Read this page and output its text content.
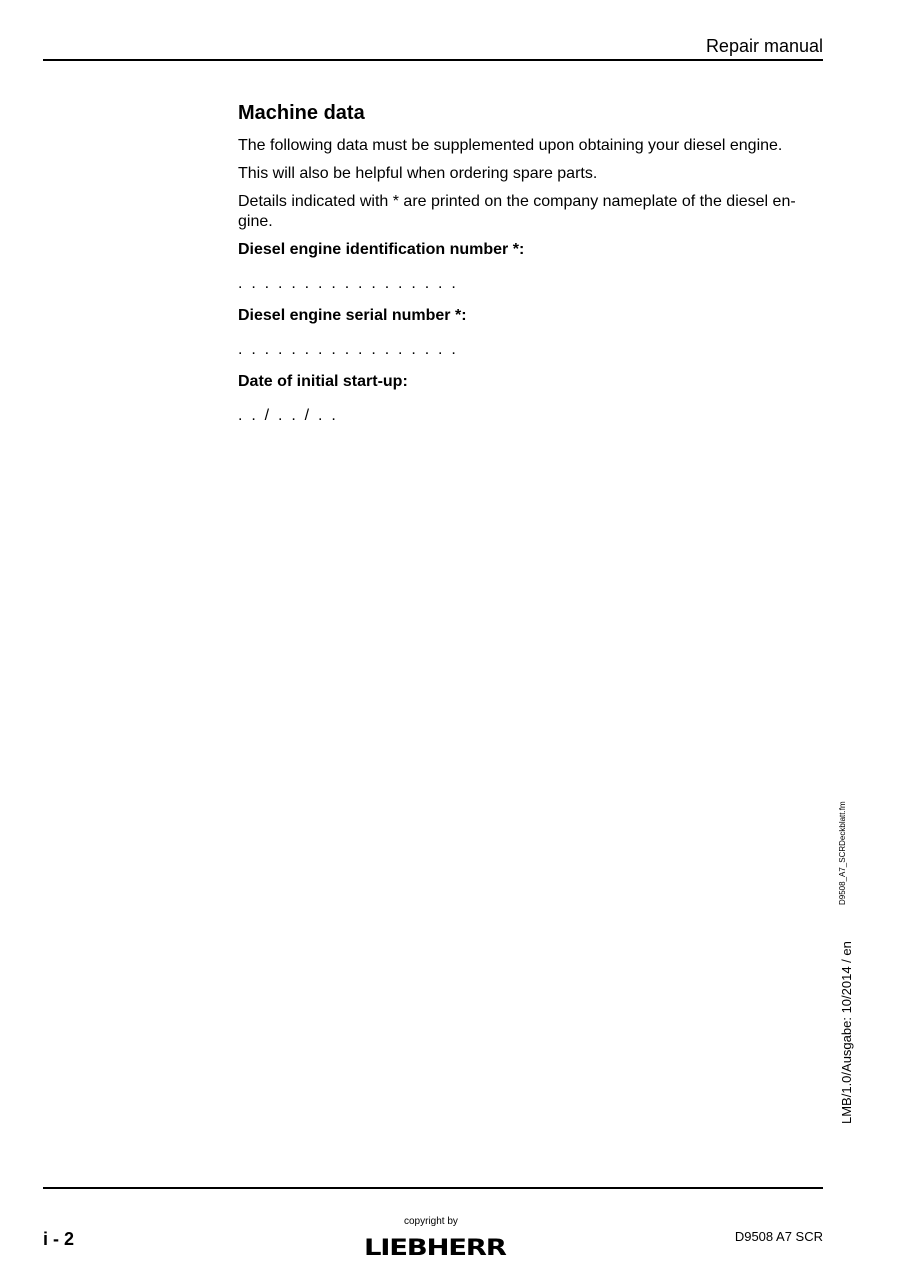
Repair manual
Machine data

The following data must be supplemented upon obtaining your diesel engine.

This will also be helpful when ordering spare parts.

Details indicated with * are printed on the company nameplate of the diesel en-gine.

Diesel engine identification number *:
.  .  .  .  .  .  .  .  .  .  .  .  .  .  .  .  .
Diesel engine serial number *:
.  .  .  .  .  .  .  .  .  .  .  .  .  .  .  .  .
Date of initial start-up:
.  .  /  .  .  /  .  .
D9508_A7_SCRDeckblatt.fm
LMB/1.0/Ausgabe: 10/2014 / en
i - 2
copyright by
LIEBHERR	D9508 A7 SCR
